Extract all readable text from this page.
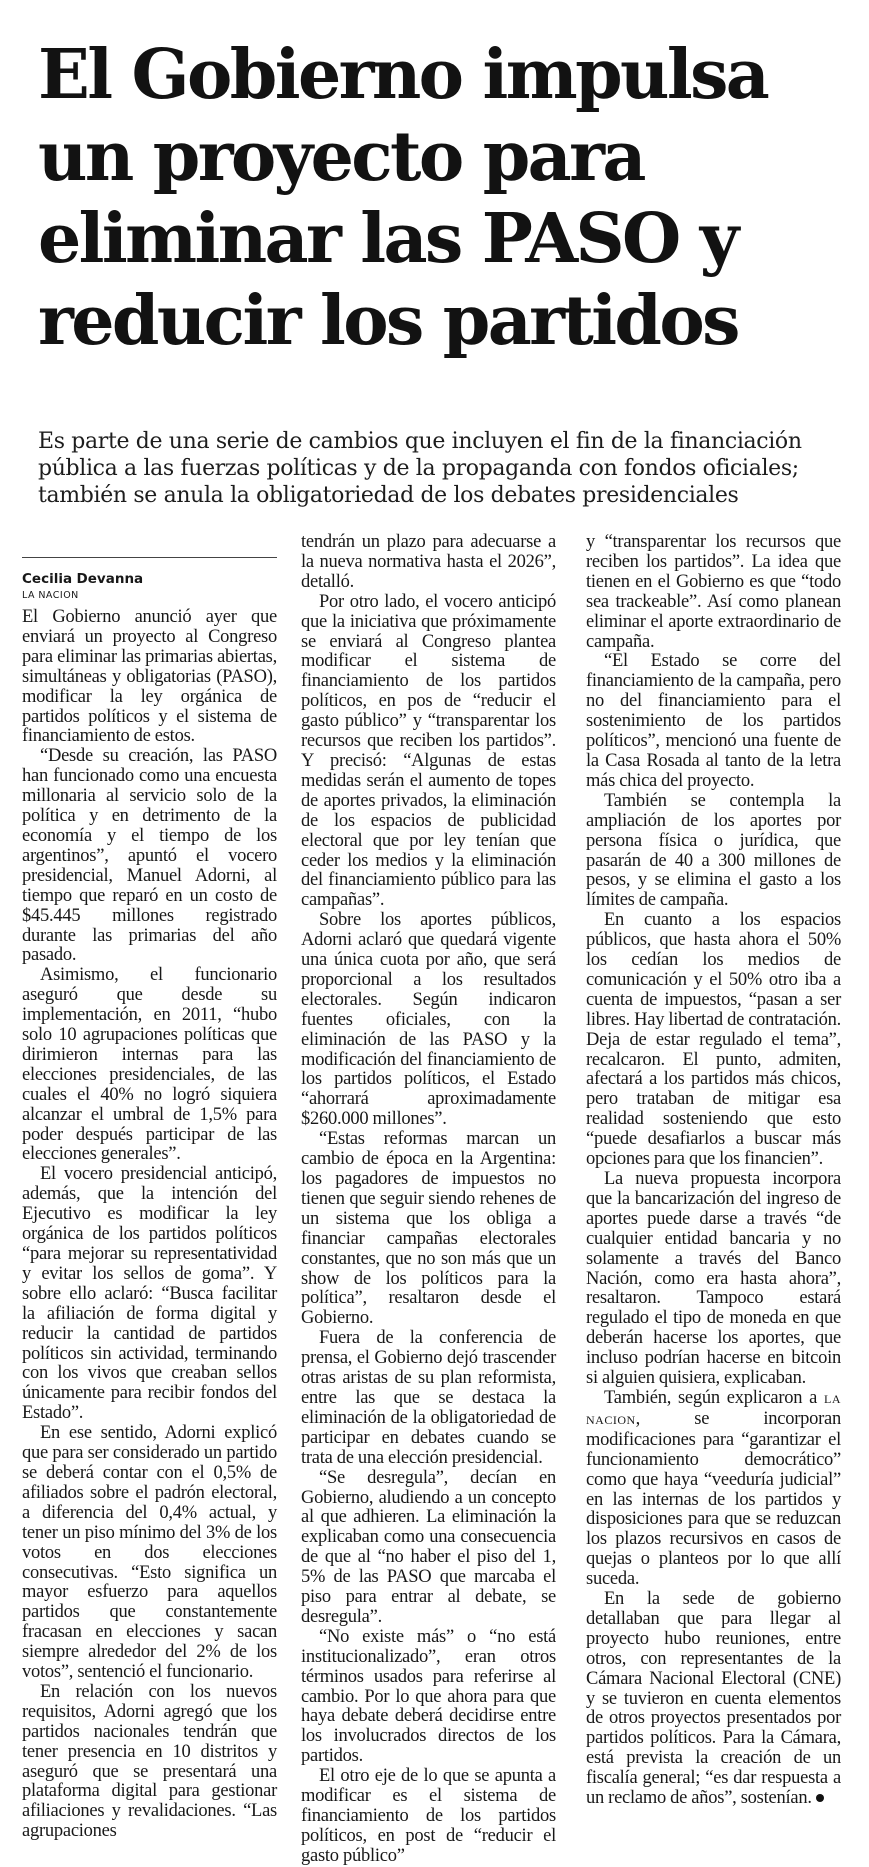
El Gobierno impulsa un proyecto para eliminar las PASO y reducir los partidos

Es parte de una serie de cambios que incluyen el fin de la financiación pública a las fuerzas políticas y de la propaganda con fondos oficiales; también se anula la obligatoriedad de los debates presidenciales

Cecilia Devanna
LA NACION

El Gobierno anunció ayer que enviará un proyecto al Congreso para eliminar las primarias abiertas, simultáneas y obligatorias (PASO), modificar la ley orgánica de partidos políticos y el sistema de financiamiento de estos.

“Desde su creación, las PASO han funcionado como una encuesta millonaria al servicio solo de la política y en detrimento de la economía y el tiempo de los argentinos”, apuntó el vocero presidencial, Manuel Adorni, al tiempo que reparó en un costo de $45.445 millones registrado durante las primarias del año pasado.

Asimismo, el funcionario aseguró que desde su implementación, en 2011, “hubo solo 10 agrupaciones políticas que dirimieron internas para las elecciones presidenciales, de las cuales el 40% no logró siquiera alcanzar el umbral de 1,5% para poder después participar de las elecciones generales”.

El vocero presidencial anticipó, además, que la intención del Ejecutivo es modificar la ley orgánica de los partidos políticos “para mejorar su representatividad y evitar los sellos de goma”. Y sobre ello aclaró: “Busca facilitar la afiliación de forma digital y reducir la cantidad de partidos políticos sin actividad, terminando con los vivos que creaban sellos únicamente para recibir fondos del Estado”.

En ese sentido, Adorni explicó que para ser considerado un partido se deberá contar con el 0,5% de afiliados sobre el padrón electoral, a diferencia del 0,4% actual, y tener un piso mínimo del 3% de los votos en dos elecciones consecutivas. “Esto significa un mayor esfuerzo para aquellos partidos que constantemente fracasan en elecciones y sacan siempre alrededor del 2% de los votos”, sentenció el funcionario.

En relación con los nuevos requisitos, Adorni agregó que los partidos nacionales tendrán que tener presencia en 10 distritos y aseguró que se presentará una plataforma digital para gestionar afiliaciones y revalidaciones. “Las agrupaciones

tendrán un plazo para adecuarse a la nueva normativa hasta el 2026”, detalló.

Por otro lado, el vocero anticipó que la iniciativa que próximamente se enviará al Congreso plantea modificar el sistema de financiamiento de los partidos políticos, en pos de “reducir el gasto público” y “transparentar los recursos que reciben los partidos”. Y precisó: “Algunas de estas medidas serán el aumento de topes de aportes privados, la eliminación de los espacios de publicidad electoral que por ley tenían que ceder los medios y la eliminación del financiamiento público para las campañas”.

Sobre los aportes públicos, Adorni aclaró que quedará vigente una única cuota por año, que será proporcional a los resultados electorales. Según indicaron fuentes oficiales, con la eliminación de las PASO y la modificación del financiamiento de los partidos políticos, el Estado “ahorrará aproximadamente $260.000 millones”.

“Estas reformas marcan un cambio de época en la Argentina: los pagadores de impuestos no tienen que seguir siendo rehenes de un sistema que los obliga a financiar campañas electorales constantes, que no son más que un show de los políticos para la política”, resaltaron desde el Gobierno.

Fuera de la conferencia de prensa, el Gobierno dejó trascender otras aristas de su plan reformista, entre las que se destaca la eliminación de la obligatoriedad de participar en debates cuando se trata de una elección presidencial.

“Se desregula”, decían en Gobierno, aludiendo a un concepto al que adhieren. La eliminación la explicaban como una consecuencia de que al “no haber el piso del 1, 5% de las PASO que marcaba el piso para entrar al debate, se desregula”.

“No existe más” o “no está institucionalizado”, eran otros términos usados para referirse al cambio. Por lo que ahora para que haya debate deberá decidirse entre los involucrados directos de los partidos.

El otro eje de lo que se apunta a modificar es el sistema de financiamiento de los partidos políticos, en post de “reducir el gasto público”

y “transparentar los recursos que reciben los partidos”. La idea que tienen en el Gobierno es que “todo sea trackeable”. Así como planean eliminar el aporte extraordinario de campaña.

“El Estado se corre del financiamiento de la campaña, pero no del financiamiento para el sostenimiento de los partidos políticos”, mencionó una fuente de la Casa Rosada al tanto de la letra más chica del proyecto.

También se contempla la ampliación de los aportes por persona física o jurídica, que pasarán de 40 a 300 millones de pesos, y se elimina el gasto a los límites de campaña.

En cuanto a los espacios públicos, que hasta ahora el 50% los cedían los medios de comunicación y el 50% otro iba a cuenta de impuestos, “pasan a ser libres. Hay libertad de contratación. Deja de estar regulado el tema”, recalcaron. El punto, admiten, afectará a los partidos más chicos, pero trataban de mitigar esa realidad sosteniendo que esto “puede desafiarlos a buscar más opciones para que los financien”.

La nueva propuesta incorpora que la bancarización del ingreso de aportes puede darse a través “de cualquier entidad bancaria y no solamente a través del Banco Nación, como era hasta ahora”, resaltaron. Tampoco estará regulado el tipo de moneda en que deberán hacerse los aportes, que incluso podrían hacerse en bitcoin si alguien quisiera, explicaban.

También, según explicaron a LA NACION, se incorporan modificaciones para “garantizar el funcionamiento democrático” como que haya “veeduría judicial” en las internas de los partidos y disposiciones para que se reduzcan los plazos recursivos en casos de quejas o planteos por lo que allí suceda.

En la sede de gobierno detallaban que para llegar al proyecto hubo reuniones, entre otros, con representantes de la Cámara Nacional Electoral (CNE) y se tuvieron en cuenta elementos de otros proyectos presentados por partidos políticos. Para la Cámara, está prevista la creación de un fiscalía general; “es dar respuesta a un reclamo de años”, sostenían.
